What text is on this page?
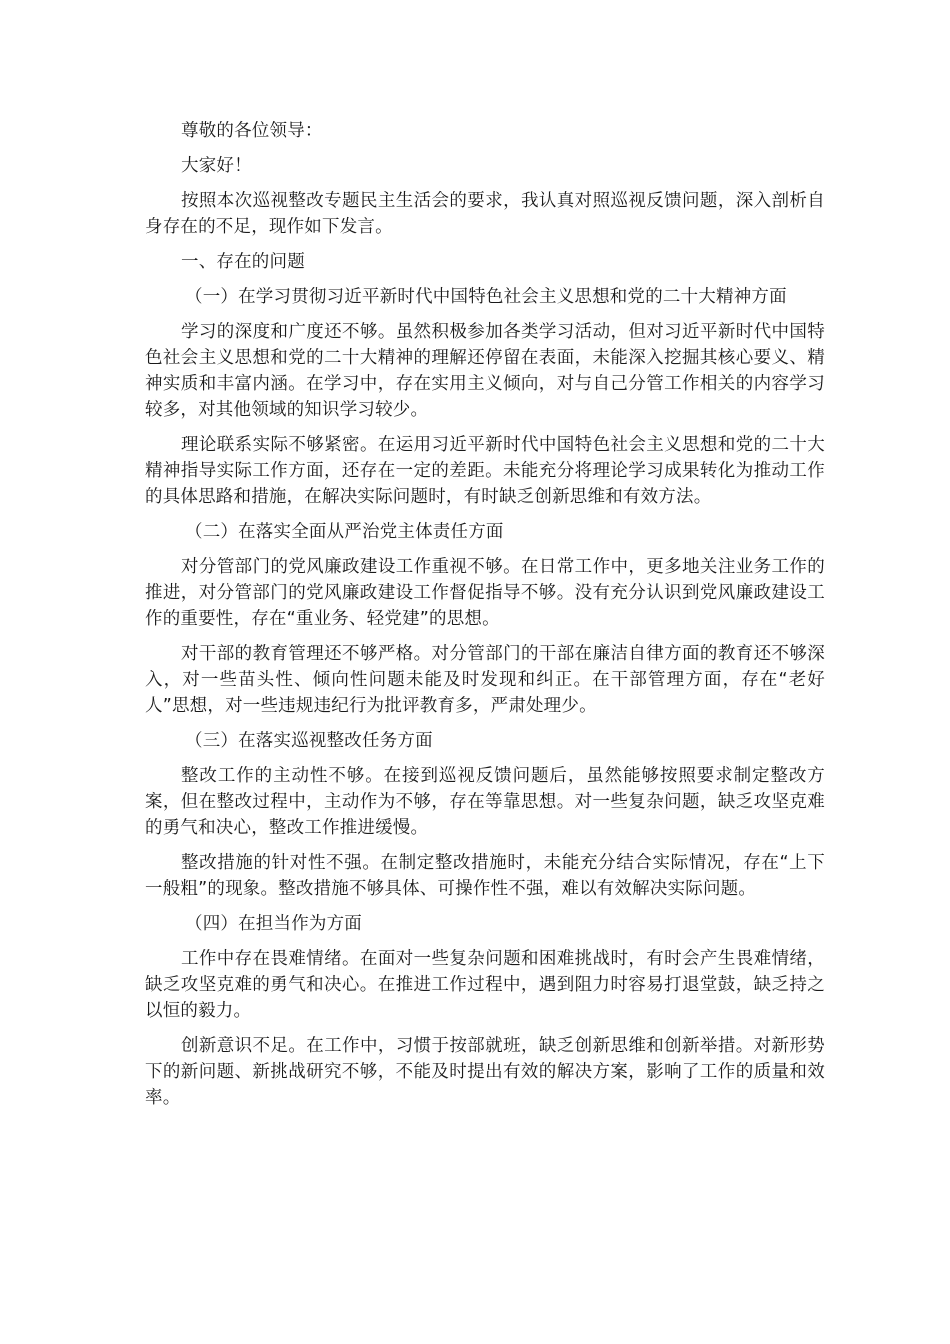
尊敬的各位领导：

大家好！

按照本次巡视整改专题民主生活会的要求，我认真对照巡视反馈问题，深入剖析自身存在的不足，现作如下发言。

一、存在的问题

（一）在学习贯彻习近平新时代中国特色社会主义思想和党的二十大精神方面

学习的深度和广度还不够。虽然积极参加各类学习活动，但对习近平新时代中国特色社会主义思想和党的二十大精神的理解还停留在表面，未能深入挖掘其核心要义、精神实质和丰富内涵。在学习中，存在实用主义倾向，对与自己分管工作相关的内容学习较多，对其他领域的知识学习较少。

理论联系实际不够紧密。在运用习近平新时代中国特色社会主义思想和党的二十大精神指导实际工作方面，还存在一定的差距。未能充分将理论学习成果转化为推动工作的具体思路和措施，在解决实际问题时，有时缺乏创新思维和有效方法。

（二）在落实全面从严治党主体责任方面

对分管部门的党风廉政建设工作重视不够。在日常工作中，更多地关注业务工作的推进，对分管部门的党风廉政建设工作督促指导不够。没有充分认识到党风廉政建设工作的重要性，存在“重业务、轻党建”的思想。

对干部的教育管理还不够严格。对分管部门的干部在廉洁自律方面的教育还不够深入，对一些苗头性、倾向性问题未能及时发现和纠正。在干部管理方面，存在“老好人”思想，对一些违规违纪行为批评教育多，严肃处理少。

（三）在落实巡视整改任务方面

整改工作的主动性不够。在接到巡视反馈问题后，虽然能够按照要求制定整改方案，但在整改过程中，主动作为不够，存在等靠思想。对一些复杂问题，缺乏攻坚克难的勇气和决心，整改工作推进缓慢。

整改措施的针对性不强。在制定整改措施时，未能充分结合实际情况，存在“上下一般粗”的现象。整改措施不够具体、可操作性不强，难以有效解决实际问题。

（四）在担当作为方面

工作中存在畏难情绪。在面对一些复杂问题和困难挑战时，有时会产生畏难情绪，缺乏攻坚克难的勇气和决心。在推进工作过程中，遇到阻力时容易打退堂鼓，缺乏持之以恒的毅力。

创新意识不足。在工作中，习惯于按部就班，缺乏创新思维和创新举措。对新形势下的新问题、新挑战研究不够，不能及时提出有效的解决方案，影响了工作的质量和效率。
